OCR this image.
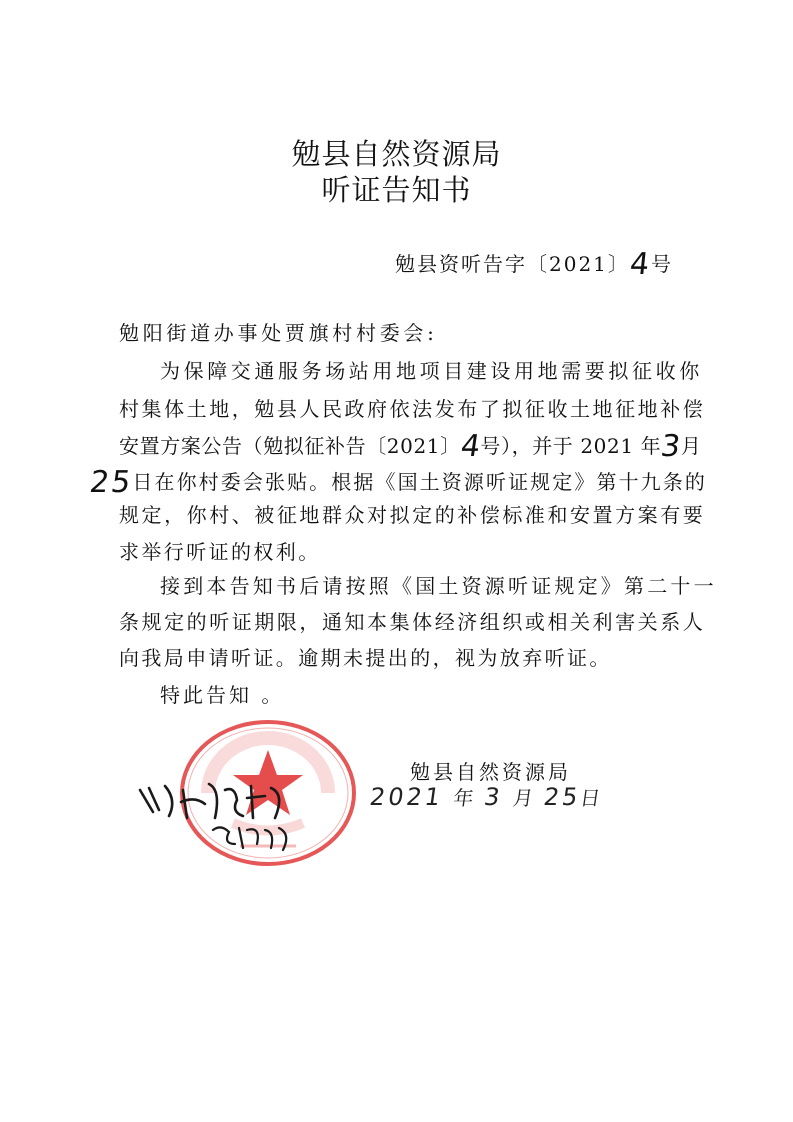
勉县自然资源局
听证告知书
勉县资听告字〔2021〕4号
勉阳街道办事处贾旗村村委会:
为保障交通服务场站用地项目建设用地需要拟征收你
村集体土地，勉县人民政府依法发布了拟征收土地征地补偿
安置方案公告（勉拟征补告〔2021〕4号），并于 2021 年3月
25日在你村委会张贴。根据《国土资源听证规定》第十九条的
规定，你村、被征地群众对拟定的补偿标准和安置方案有要
求举行听证的权利。
接到本告知书后请按照《国土资源听证规定》第二十一
条规定的听证期限，通知本集体经济组织或相关利害关系人
向我局申请听证。逾期未提出的，视为放弃听证。
特此告知 。
勉县自然资源局
2021 年 3 月 25日
